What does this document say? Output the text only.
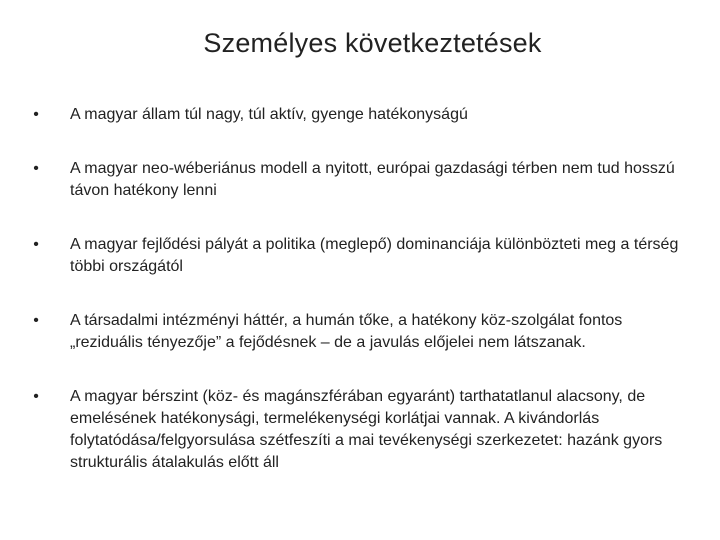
Személyes következtetések
• A magyar állam túl nagy, túl aktív, gyenge hatékonyságú
• A magyar neo-wéberiánus modell a nyitott, európai gazdasági térben nem tud hosszú távon hatékony lenni
• A magyar fejlődési pályát a politika (meglepő) dominanciája különbözteti meg a térség többi országától
• A társadalmi intézményi háttér, a humán tőke, a hatékony köz-szolgálat fontos „reziduális tényezője” a fejődésnek – de a javulás előjelei nem látszanak.
• A magyar bérszint (köz- és magánszférában egyaránt) tarthatatlanul alacsony, de emelésének hatékonysági, termelékenységi korlátjai vannak. A kivándorlás folytatódása/felgyorsulása szétfeszíti a mai tevékenységi szerkezetet: hazánk gyors strukturális átalakulás előtt áll
